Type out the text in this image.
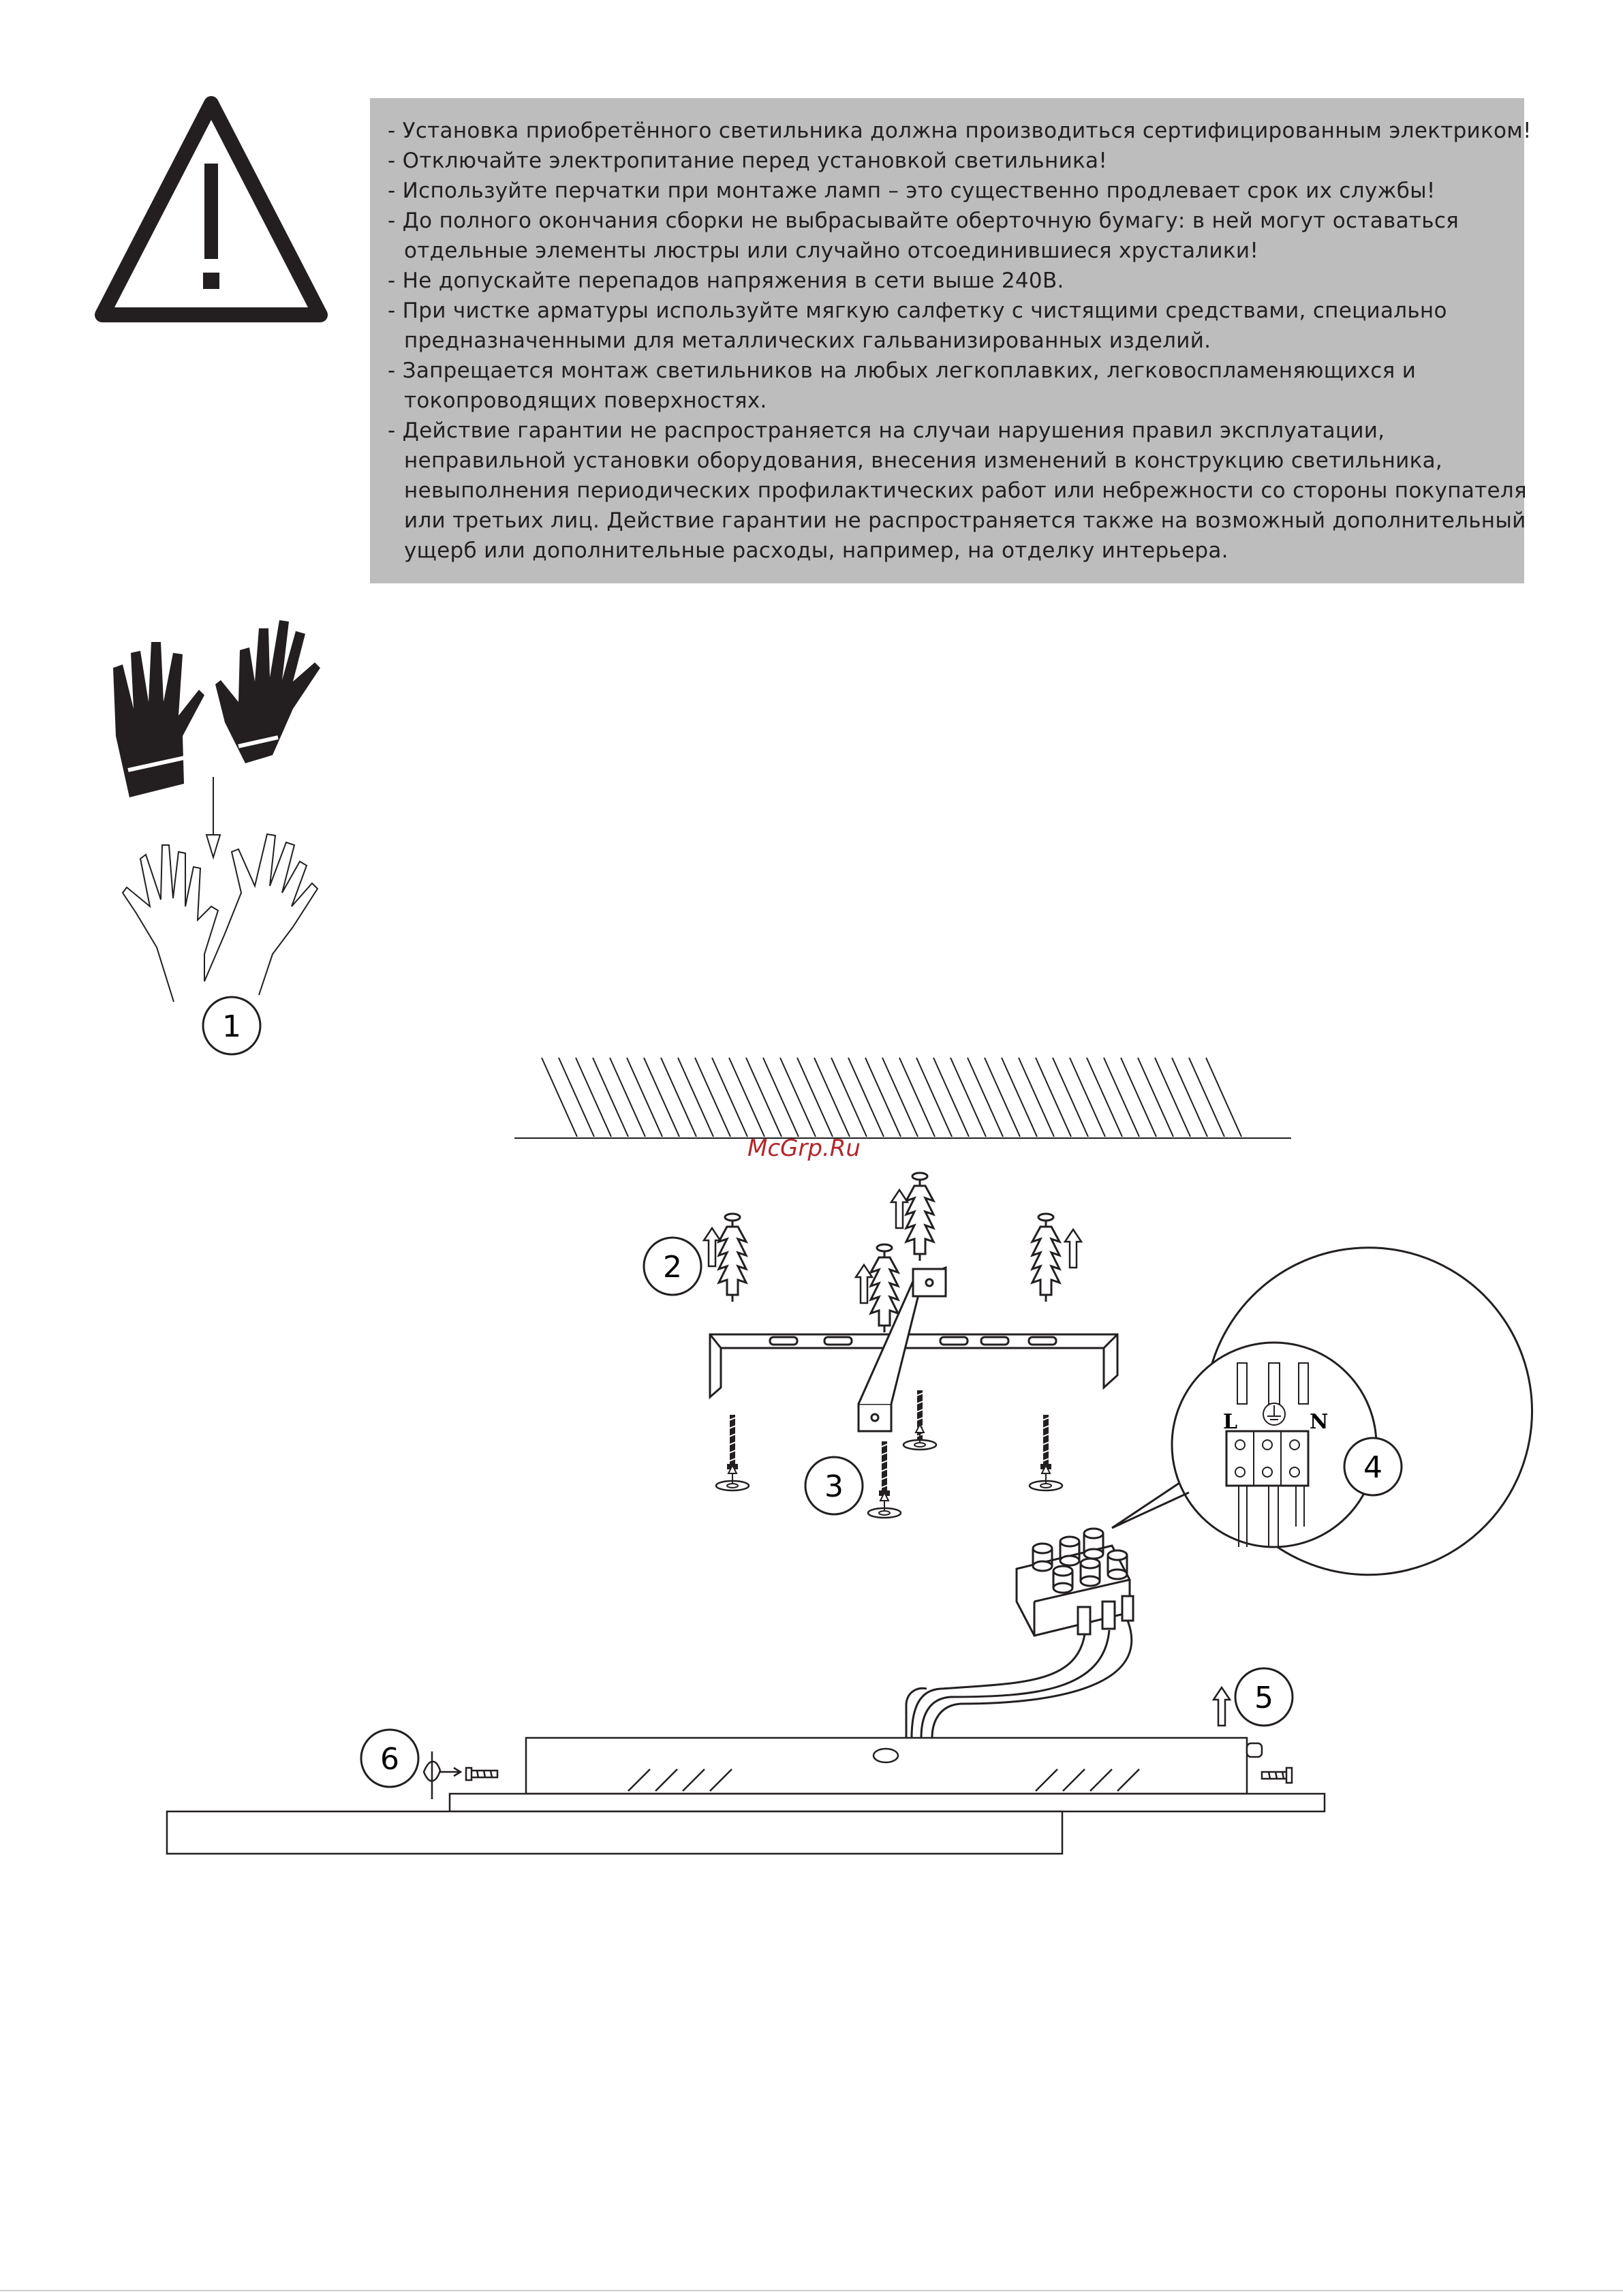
- Установка приобретённого светильника должна производиться сертифицированным электриком!
- Отключайте электропитание перед установкой светильника!
- Используйте перчатки при монтаже ламп – это существенно продлевает срок их службы!
- До полного окончания сборки не выбрасывайте оберточную бумагу: в ней могут оставаться
отдельные элементы люстры или случайно отсоединившиеся хрусталики!
- Не допускайте перепадов напряжения в сети выше 240В.
- При чистке арматуры используйте мягкую салфетку с чистящими средствами, специально
предназначенными для металлических гальванизированных изделий.
- Запрещается монтаж светильников на любых легкоплавких, легковоспламеняющихся и
токопроводящих поверхностях.
- Действие гарантии не распространяется на случаи нарушения правил эксплуатации,
неправильной установки оборудования, внесения изменений в конструкцию светильника,
невыполнения периодических профилактических работ или небрежности со стороны покупателя
или третьих лиц. Действие гарантии не распространяется также на возможный дополнительный
ущерб или дополнительные расходы, например, на отделку интерьера.
McGrp.Ru
L	N
1
2
3
4
5
6
